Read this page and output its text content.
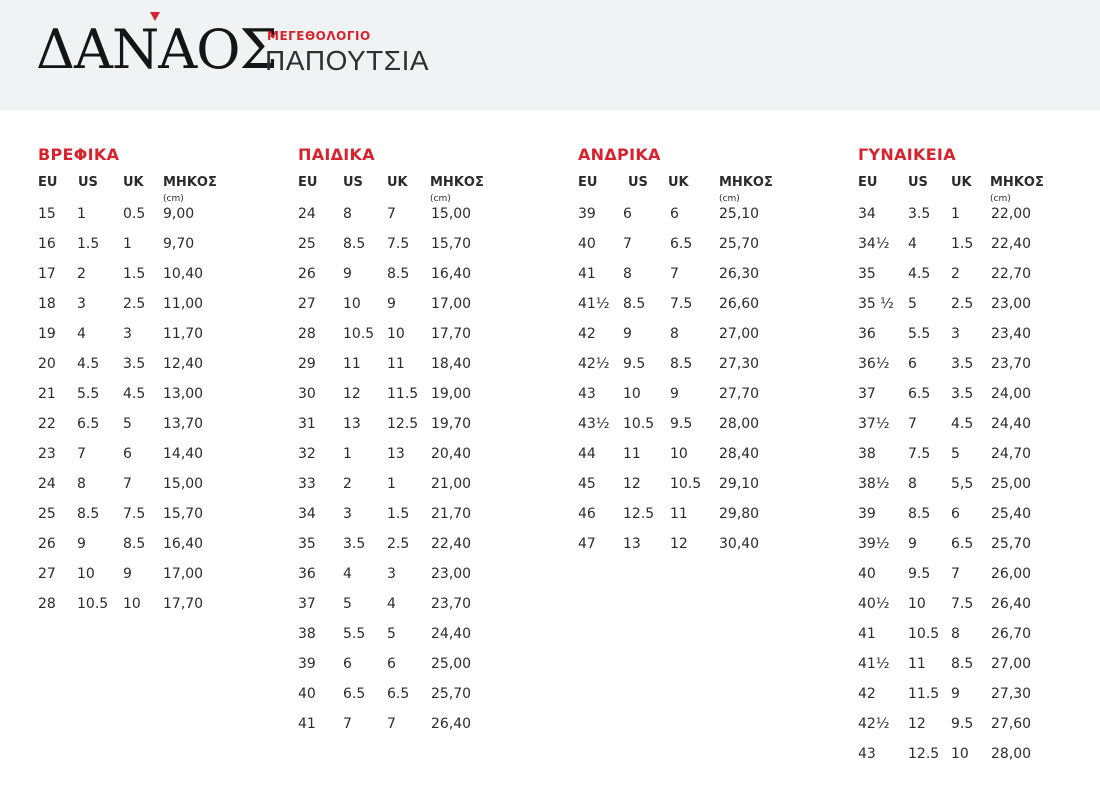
ΔΑΝΑΟΣ
ΜΕΓΕΘΟΛΟΓΙΟ
ΠΑΠΟΥΤΣΙΑ
ΒΡΕΦΙΚΑ
EU US UK ΜΗΚΟΣ (cm)
15 1	0.5 9,00
16 1.5 1 9,70
17 2	1.5 10,40
18 3	2.5 11,00
19 4	3 11,70
20 4.5 3.5 12,40
21 5.5 4.5 13,00
22 6.5 5 13,70
23 7	6 14,40
24 8	7 15,00
25 8.5 7.5 15,70
26 9	8.5 16,40
27 10 9 17,00
28 10.5 10 17,70
ΠΑΙΔΙΚΑ
EU US UK ΜΗΚΟΣ (cm)
24 8	7	15,00
25 8.5 7.5 15,70
26 9	8.5 16,40
27 10 9	17,00
28 10.5 10 17,70
29 11 11 18,40
30 12 11.5 19,00
31 13 12.5 19,70
32 1	13 20,40
33 2	1	21,00
34 3	1.5 21,70
35 3.5 2.5 22,40
36 4	3	23,00
37 5	4	23,70
38 5.5 5	24,40
39 6	6	25,00
40 6.5 6.5 25,70
41 7	7	26,40
ΑΝΔΡΙΚΑ
EU US UK ΜΗΚΟΣ (cm)
39 6	6	25,10
40 7	6.5 25,70
41 8	7	26,30
41½ 8.5 7.5 26,60
42 9	8	27,00
42½ 9.5 8.5 27,30
43 10 9	27,70
43½ 10.5 9.5 28,00
44 11 10 28,40
45 12 10.5 29,10
46 12.5 11 29,80
47 13 12 30,40
ΓΥΝΑΙΚΕΙΑ
EU US UK ΜΗΚΟΣ (cm)
34 3.5 1 22,00
34½ 4 1.5 22,40
35 4.5 2 22,70
35 ½ 5 2.5 23,00
36 5.5 3 23,40
36½ 6 3.5 23,70
37 6.5 3.5 24,00
37½ 7 4.5 24,40
38 7.5 5 24,70
38½ 8 5,5 25,00
39 8.5 6 25,40
39½ 9 6.5 25,70
40 9.5 7 26,00
40½ 10 7.5 26,40
41 10.5 8 26,70
41½ 11 8.5 27,00
42 11.5 9 27,30
42½ 12 9.5 27,60
43 12.5 10 28,00
